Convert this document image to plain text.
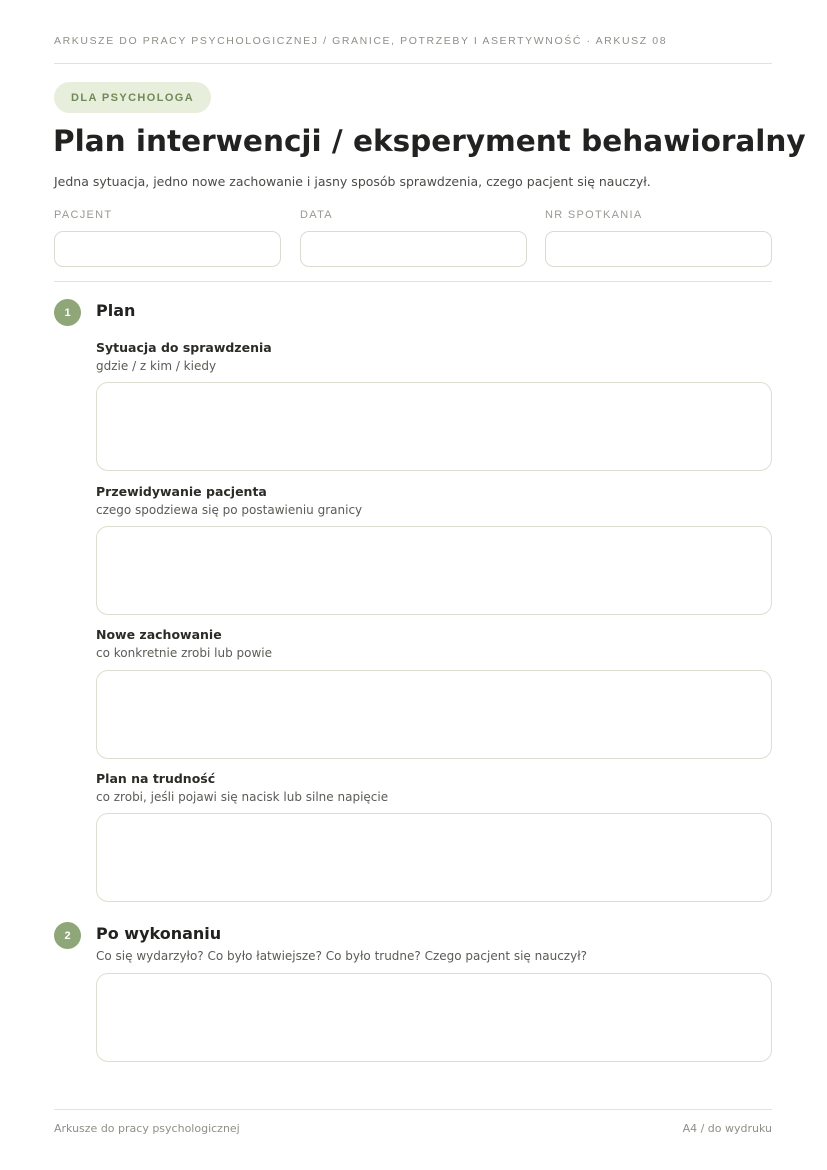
ARKUSZE DO PRACY PSYCHOLOGICZNEJ / GRANICE, POTRZEBY I ASERTYWNOŚĆ · ARKUSZ 08
DLA PSYCHOLOGA
Plan interwencji / eksperyment behawioralny

Jedna sytuacja, jedno nowe zachowanie i jasny sposób sprawdzenia, czego pacjent się nauczył.

PACJENT	DATA	NR SPOTKANIA
1	Plan
Sytuacja do sprawdzenia
gdzie / z kim / kiedy
Przewidywanie pacjenta
czego spodziewa się po postawieniu granicy
Nowe zachowanie
co konkretnie zrobi lub powie
Plan na trudność
co zrobi, jeśli pojawi się nacisk lub silne napięcie
2	Po wykonaniu
Co się wydarzyło? Co było łatwiejsze? Co było trudne? Czego pacjent się nauczył?
Arkusze do pracy psychologicznej	A4 / do wydruku
